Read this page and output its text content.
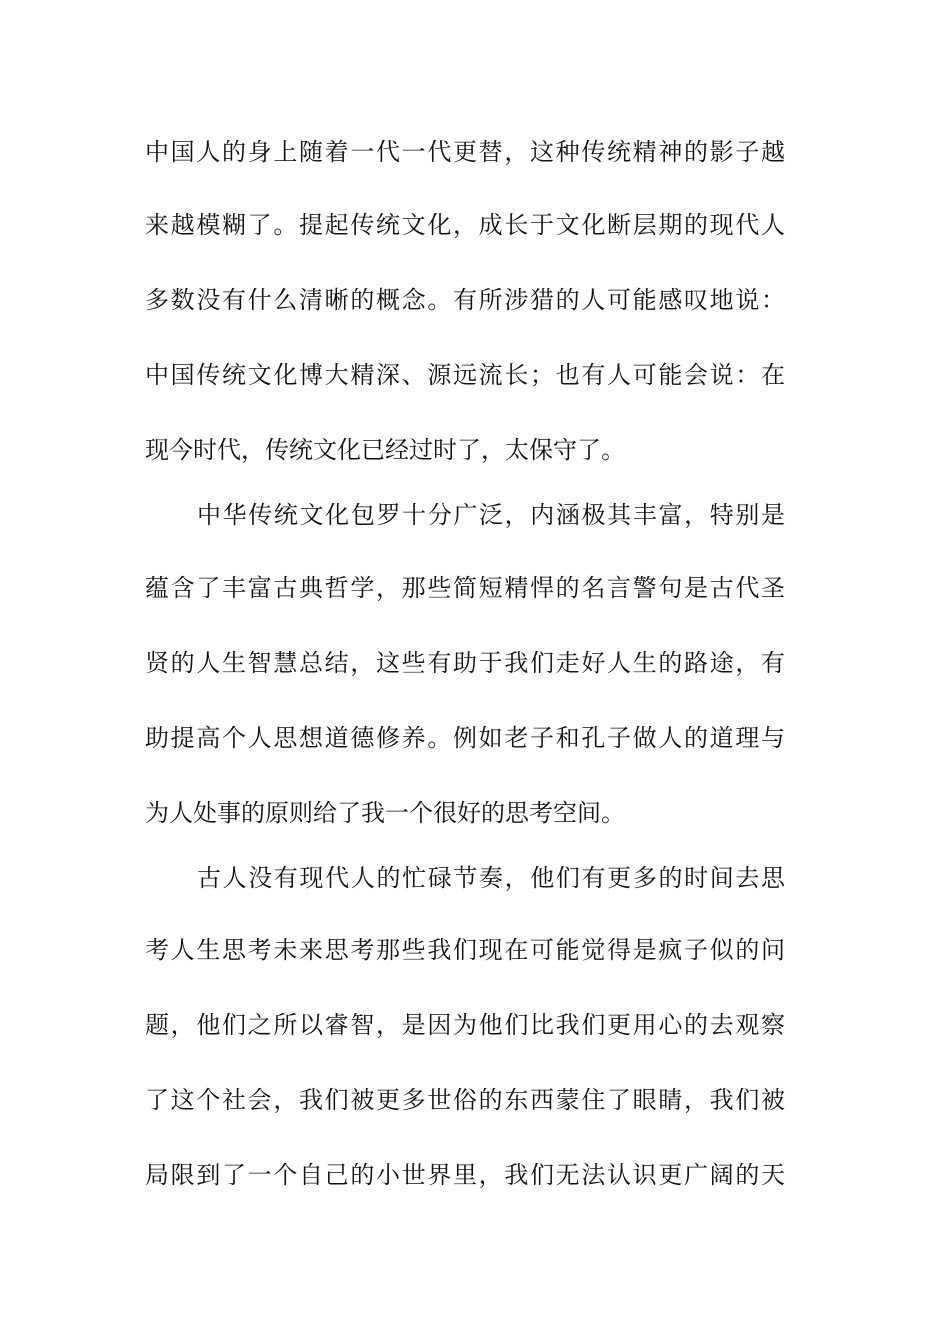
中国人的身上随着一代一代更替，这种传统精神的影子越
来越模糊了。提起传统文化，成长于文化断层期的现代人
多数没有什么清晰的概念。有所涉猎的人可能感叹地说：
中国传统文化博大精深、源远流长；也有人可能会说：在
现今时代，传统文化已经过时了，太保守了。
中华传统文化包罗十分广泛，内涵极其丰富，特别是
蕴含了丰富古典哲学，那些简短精悍的名言警句是古代圣
贤的人生智慧总结，这些有助于我们走好人生的路途，有
助提高个人思想道德修养。例如老子和孔子做人的道理与
为人处事的原则给了我一个很好的思考空间。
古人没有现代人的忙碌节奏，他们有更多的时间去思
考人生思考未来思考那些我们现在可能觉得是疯子似的问
题，他们之所以睿智，是因为他们比我们更用心的去观察
了这个社会，我们被更多世俗的东西蒙住了眼睛，我们被
局限到了一个自己的小世界里，我们无法认识更广阔的天
